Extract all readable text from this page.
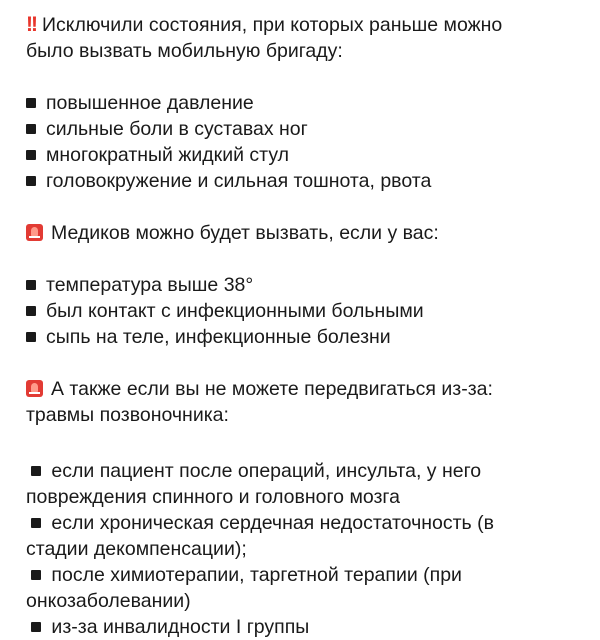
!! Исключили состояния, при которых раньше можно
было вызвать мобильную бригаду:

повышенное давление
сильные боли в суставах ног
многократный жидкий стул
головокружение и сильная тошнота, рвота

Медиков можно будет вызвать, если у вас:

температура выше 38°
был контакт с инфекционными больными
сыпь на теле, инфекционные болезни

А также если вы не можете передвигаться из-за:
травмы позвоночника:

если пациент после операций, инсульта, у него
повреждения спинного и головного мозга
если хроническая сердечная недостаточность (в
стадии декомпенсации);
после химиотерапии, таргетной терапии (при
онкозаболевании)
из-за инвалидности I группы
